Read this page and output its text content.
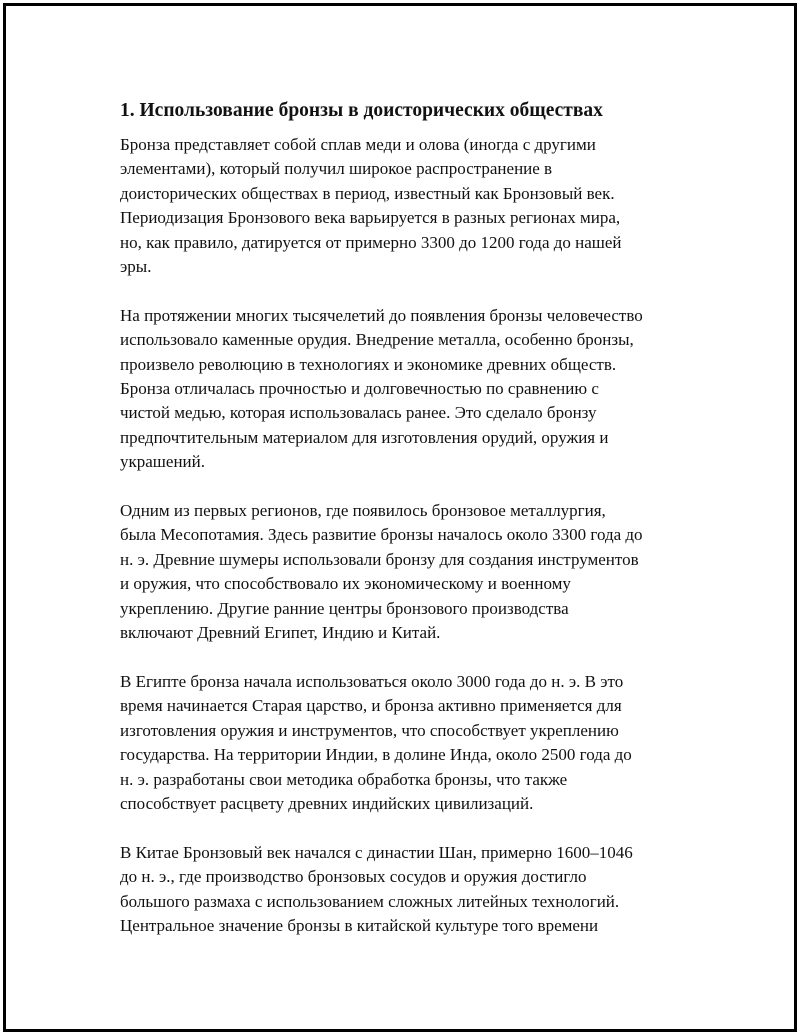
1. Использование бронзы в доисторических обществах
Бронза представляет собой сплав меди и олова (иногда с другими
элементами), который получил широкое распространение в
доисторических обществах в период, известный как Бронзовый век.
Периодизация Бронзового века варьируется в разных регионах мира,
но, как правило, датируется от примерно 3300 до 1200 года до нашей
эры.
На протяжении многих тысячелетий до появления бронзы человечество
использовало каменные орудия. Внедрение металла, особенно бронзы,
произвело революцию в технологиях и экономике древних обществ.
Бронза отличалась прочностью и долговечностью по сравнению с
чистой медью, которая использовалась ранее. Это сделало бронзу
предпочтительным материалом для изготовления орудий, оружия и
украшений.
Одним из первых регионов, где появилось бронзовое металлургия,
была Месопотамия. Здесь развитие бронзы началось около 3300 года до
н. э. Древние шумеры использовали бронзу для создания инструментов
и оружия, что способствовало их экономическому и военному
укреплению. Другие ранние центры бронзового производства
включают Древний Египет, Индию и Китай.
В Египте бронза начала использоваться около 3000 года до н. э. В это
время начинается Старая царство, и бронза активно применяется для
изготовления оружия и инструментов, что способствует укреплению
государства. На территории Индии, в долине Инда, около 2500 года до
н. э. разработаны свои методика обработка бронзы, что также
способствует расцвету древних индийских цивилизаций.
В Китае Бронзовый век начался с династии Шан, примерно 1600–1046
до н. э., где производство бронзовых сосудов и оружия достигло
большого размаха с использованием сложных литейных технологий.
Центральное значение бронзы в китайской культуре того времени
